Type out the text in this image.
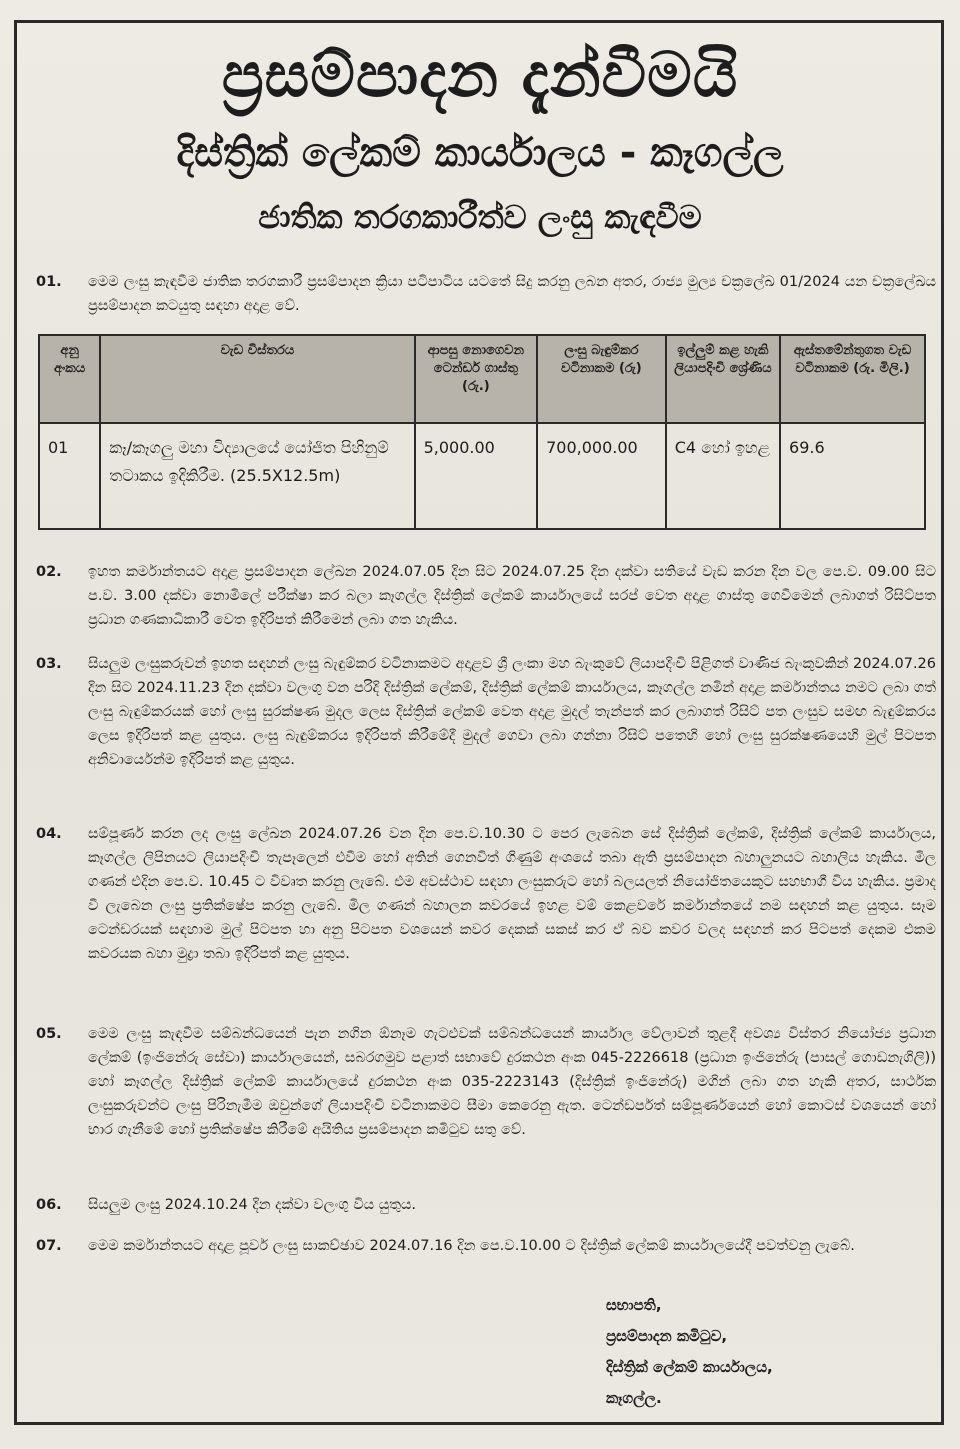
ප්‍රසම්පාදන දැන්වීමයි
දිස්ත්‍රික් ලේකම් කාර්යාලය - කෑගල්ල
ජාතික තරගකාරීත්ව ලංසු කැඳවීම
01. මෙම ලංසු කැඳවීම ජාතික තරගකාරී ප්‍රසම්පාදන ක්‍රියා පටිපාටිය යටතේ සිදු කරනු ලබන අතර, රාජ්‍ය මුල්‍ය චක්‍රලේඛ 01/2024 යන චක්‍රලේඛය ප්‍රසම්පාදන කටයුතු සඳහා අදාළ වේ.
අනු අංකය	වැඩ විස්තරය	ආපසු නොගෙවන ටෙන්ඩර් ගාස්තු (රු.)	ලංසු බැඳුම්කර වටිනාකම (රු)	ඉල්ලුම් කළ හැකි ලියාපදිංචි ශ්‍රේණිය	ඇස්තමේන්තුගත වැඩ වටිනාකම (රු. මිලි.)
01	කෑ/කෑගලු මහා විද්‍යාලයේ යෝජිත පිහිනුම් තටාකය ඉදිකිරීම. (25.5X12.5m)	5,000.00	700,000.00	C4 හෝ ඉහළ	69.6
02. ඉහත කර්මාන්තයට අදාළ ප්‍රසම්පාදන ලේඛන 2024.07.05 දින සිට 2024.07.25 දින දක්වා සතියේ වැඩ කරන දින වල පෙ.ව. 09.00 සිට ප.ව. 3.00 දක්වා නොමිලේ පරීක්ෂා කර බලා කෑගල්ල දිස්ත්‍රික් ලේකම් කාර්යාලයේ සරප් වෙත අදාළ ගාස්තු ගෙවීමෙන් ලබාගත් රිසිට්පත ප්‍රධාන ගණකාධිකාරී වෙත ඉදිරිපත් කිරීමෙන් ලබා ගත හැකිය.
03. සියලුම ලංසුකරුවන් ඉහත සඳහන් ලංසු බැඳුම්කර වටිනාකමට අදාළව ශ්‍රී ලංකා මහ බැංකුවේ ලියාපදිංචි පිළිගත් වාණිජ බැංකුවකින් 2024.07.26 දින සිට 2024.11.23 දින දක්වා වලංගු වන පරිදි දිස්ත්‍රික් ලේකම්, දිස්ත්‍රික් ලේකම් කාර්යාලය, කෑගල්ල නමින් අදාළ කර්මාන්තය නමට ලබා ගත් ලංසු බැඳුම්කරයක් හෝ ලංසු සුරක්ෂණ මුදල ලෙස දිස්ත්‍රික් ලේකම් වෙත අදාළ මුදල් තැන්පත් කර ලබාගත් රිසිට් පත ලංසුව සමඟ බැඳුම්කරය ලෙස ඉදිරිපත් කළ යුතුය. ලංසු බැඳුම්කරය ඉදිරිපත් කිරීමේදී මුදල් ගෙවා ලබා ගන්නා රිසිට් පතෙහි හෝ ලංසු සුරක්ෂණයෙහි මුල් පිටපත අනිවාර්යෙන්ම ඉදිරිපත් කළ යුතුය.
04. සම්පූර්ණ කරන ලද ලංසු ලේඛන 2024.07.26 වන දින පෙ.ව.10.30 ට පෙර ලැබෙන සේ දිස්ත්‍රික් ලේකම්, දිස්ත්‍රික් ලේකම් කාර්යාලය, කෑගල්ල ලිපිනයට ලියාපදිංචි තැපෑලෙන් එවීම හෝ අතින් ගෙනවිත් ගිණුම් අංශයේ තබා ඇති ප්‍රසම්පාදන බහාලුනයට බහාලිය හැකිය. මිල ගණන් එදින පෙ.ව. 10.45 ට විවෘත කරනු ලැබේ. එම අවස්ථාව සඳහා ලංසුකරුට හෝ බලයලත් නියෝජිතයෙකුට සහභාගී විය හැකිය. ප්‍රමාද වී ලැබෙන ලංසු ප්‍රතික්ෂේප කරනු ලැබේ. මිල ගණන් බහාලන කවරයේ ඉහළ වම් කෙළවරේ කර්මාන්තයේ නම සඳහන් කළ යුතුය. සෑම ටෙන්ඩරයක් සඳහාම මුල් පිටපත හා අනු පිටපත වශයෙන් කවර දෙකක් සකස් කර ඒ බව කවර වලද සඳහන් කර පිටපත් දෙකම එකම කවරයක බහා මුද්‍රා තබා ඉදිරිපත් කළ යුතුය.
05. මෙම ලංසු කැඳවීම සම්බන්ධයෙන් පැන නගින ඕනෑම ගැටළුවක් සම්බන්ධයෙන් කාර්යාල වේලාවන් තුළදී අවශ්‍ය විස්තර නියෝජ්‍ය ප්‍රධාන ලේකම් (ඉංජිනේරු සේවා) කාර්යාලයෙන්, සබරගමුව පළාත් සභාවේ දුරකථන අංක 045-2226618 (ප්‍රධාන ඉංජිනේරු (පාසල් ගොඩනැගිලි)) හෝ කෑගල්ල දිස්ත්‍රික් ලේකම් කාර්යාලයේ දුරකථන අංක 035-2223143 (දිස්ත්‍රික් ඉංජිනේරු) මගින් ලබා ගත හැකි අතර, සාර්ථක ලංසුකරුවන්ට ලංසු පිරිනැමීම ඔවුන්ගේ ලියාපදිංචි වටිනාකමට සීමා කෙරෙනු ඇත. ටෙන්ඩර්පත් සම්පූර්ණයෙන් හෝ කොටස් වශයෙන් හෝ භාර ගැනීමේ හෝ ප්‍රතික්ෂේප කිරීමේ අයිතිය ප්‍රසම්පාදන කමිටුව සතු වේ.
06. සියලුම ලංසු 2024.10.24 දින දක්වා වලංගු විය යුතුය.
07. මෙම කර්මාන්තයට අදාළ පූර්ව ලංසු සාකච්ඡාව 2024.07.16 දින පෙ.ව.10.00 ට දිස්ත්‍රික් ලේකම් කාර්යාලයේදී පවත්වනු ලැබේ.
සභාපති,
ප්‍රසම්පාදන කමිටුව,
දිස්ත්‍රික් ලේකම් කාර්යාලය,
කෑගල්ල.
